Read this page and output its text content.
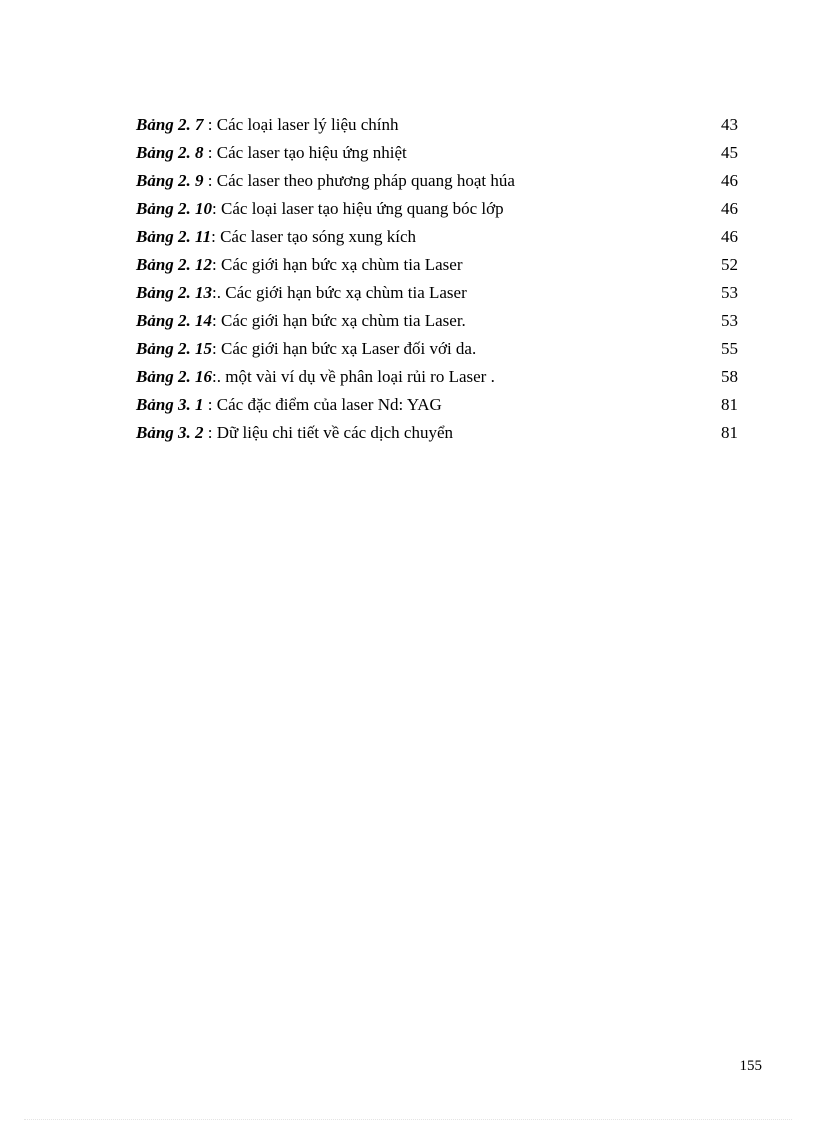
Bảng 2. 7 : Các loại laser lý liệu chính	43
Bảng 2. 8 : Các laser tạo hiệu ứng nhiệt	45
Bảng 2. 9 : Các laser theo phương pháp quang hoạt húa	46
Bảng 2. 10: Các loại laser tạo hiệu ứng quang bóc lớp	46
Bảng 2. 11: Các laser tạo sóng xung kích	46
Bảng 2. 12: Các giới hạn bức xạ chùm tia Laser	52
Bảng 2. 13:. Các giới hạn bức xạ chùm tia Laser	53
Bảng 2. 14: Các giới hạn bức xạ chùm tia Laser.	53
Bảng 2. 15: Các giới hạn bức xạ Laser đối với da.	55
Bảng 2. 16:. một vài ví dụ về phân loại rủi ro Laser .	58
Bảng 3. 1 : Các đặc điểm của laser Nd: YAG	81
Bảng 3. 2 : Dữ liệu chi tiết về các dịch chuyển	81
155
